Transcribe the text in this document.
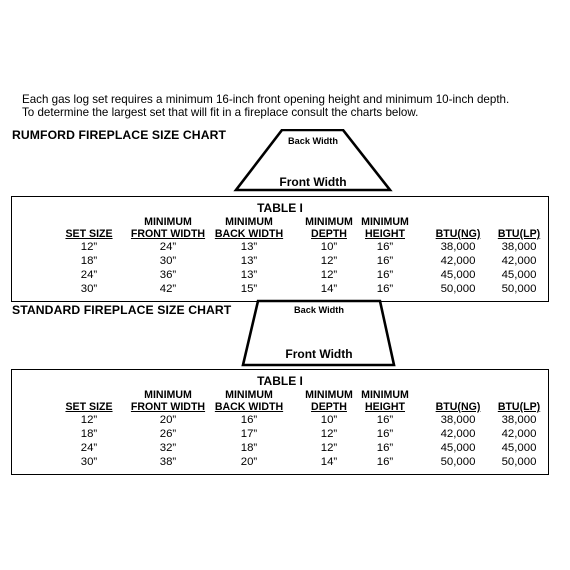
Each gas log set requires a minimum 16-inch front opening height and minimum 10-inch depth.
To determine the largest set that will fit in a fireplace consult the charts below.
RUMFORD FIREPLACE SIZE CHART	Back Width
Front Width
TABLE I
SET SIZE
12”
18”
24”
30”
MINIMUM
FRONT WIDTH
24”
30”
36”
42”
MINIMUM
BACK WIDTH
13”
13”
13”
15”
MINIMUM
DEPTH
10”
12”
12”
14”
MINIMUM
HEIGHT
16”
16”
16”
16”
BTU(NG)
38,000
42,000
45,000
50,000
BTU(LP)
38,000
42,000
45,000
50,000
STANDARD FIREPLACE SIZE CHART	Back Width
Front Width
TABLE I
SET SIZE
12”
18”
24”
30”
MINIMUM
FRONT WIDTH
20”
26”
32”
38”
MINIMUM
BACK WIDTH
16”
17”
18”
20”
MINIMUM
DEPTH
10”
12”
12”
14”
MINIMUM
HEIGHT
16”
16”
16”
16”
BTU(NG)
38,000
42,000
45,000
50,000
BTU(LP)
38,000
42,000
45,000
50,000
